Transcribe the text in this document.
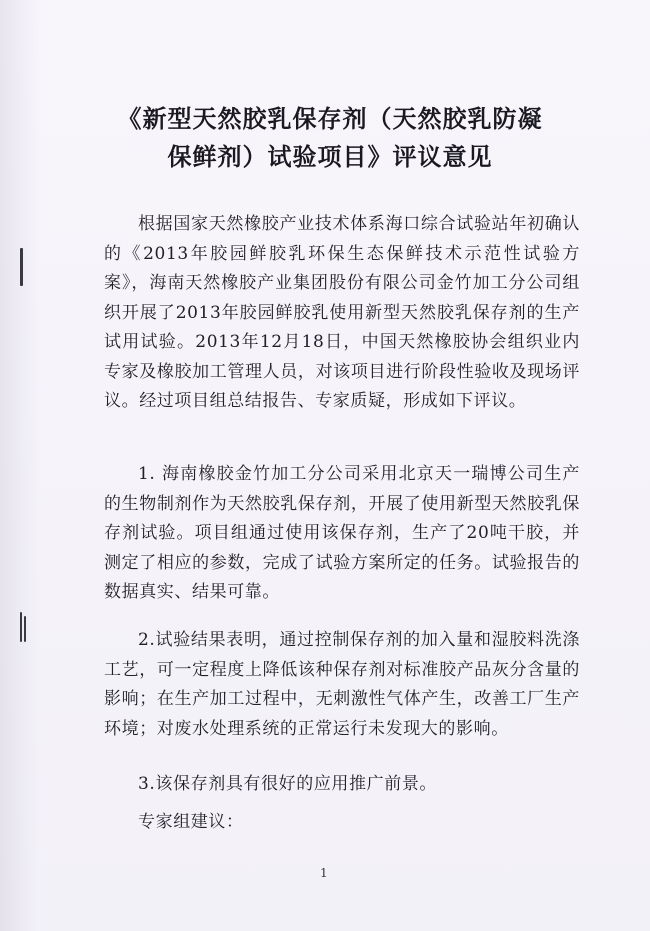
《新型天然胶乳保存剂（天然胶乳防凝
保鲜剂）试验项目》评议意见

根据国家天然橡胶产业技术体系海口综合试验站年初确认的《2013年胶园鲜胶乳环保生态保鲜技术示范性试验方案》，海南天然橡胶产业集团股份有限公司金竹加工分公司组织开展了2013年胶园鲜胶乳使用新型天然胶乳保存剂的生产试用试验。2013年12月18日，中国天然橡胶协会组织业内专家及橡胶加工管理人员，对该项目进行阶段性验收及现场评议。经过项目组总结报告、专家质疑，形成如下评议。

1. 海南橡胶金竹加工分公司采用北京天一瑞博公司生产的生物制剂作为天然胶乳保存剂，开展了使用新型天然胶乳保存剂试验。项目组通过使用该保存剂，生产了20吨干胶，并测定了相应的参数，完成了试验方案所定的任务。试验报告的数据真实、结果可靠。

2.试验结果表明，通过控制保存剂的加入量和湿胶料洗涤工艺，可一定程度上降低该种保存剂对标准胶产品灰分含量的影响；在生产加工过程中，无刺激性气体产生，改善工厂生产环境；对废水处理系统的正常运行未发现大的影响。

3.该保存剂具有很好的应用推广前景。

专家组建议：

1
